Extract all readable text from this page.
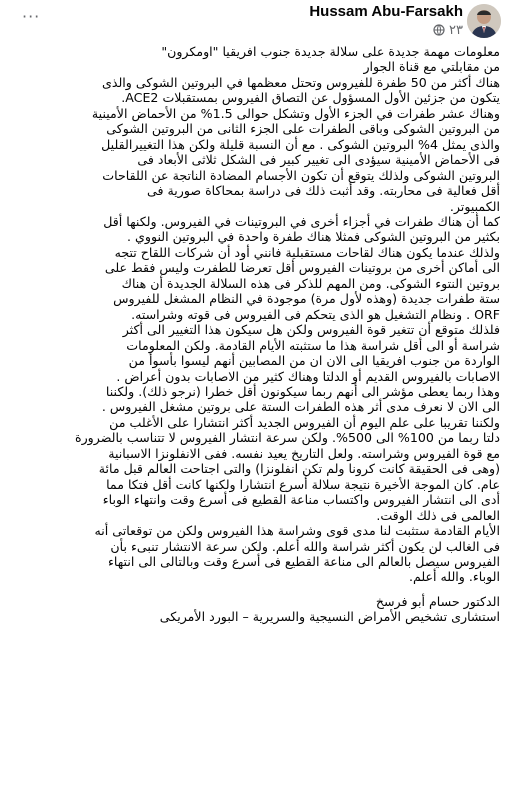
···	Hussam Abu-Farsakh
٢٣

معلومات مهمة جديدة على سلالة جديدة جنوب افريقيا "اومكرون"

من مقابلتي مع قناة الجوار

هناك أكثر من 50 طفرة للفيروس وتحتل معظمها في البروتين الشوكى والذى

يتكون من جزئين الأول المسؤول عن التصاق الفيروس بمستقبلات ACE2.

وهناك عشر طفرات في الجزء الأول وتشكل حوالى 1.5% من الأحماض الأمينية

من البروتين الشوكى وباقى الطفرات على الجزء الثانى من البروتين الشوكى

والذى يمثل 4% البروتين الشوكى . مع أن النسبة قليلة ولكن هذا التغييرالقليل

فى الأحماض الأمينية سيؤدى الى تغيير كبير فى الشكل ثلاثى الأبعاد فى

البروتين الشوكى ولذلك يتوقع أن تكون الأجسام المضادة الناتجة عن اللقاحات

أقل فعالية فى محاربته. وقد أثبت ذلك فى دراسة بمحاكاة صورية فى

الكمبيوتر.

كما أن هناك طفرات في أجزاء أخرى في البروتينات في الفيروس. ولكنها أقل

بكثير من البروتين الشوكى فمثلا هناك طفرة واحدة في البروتين النووي .

ولذلك عندما يكون هناك لقاحات مستقبلية فانني أود أن شركات اللقاح تتجه

الى أماكن أخرى من بروتينات الفيروس أقل تعرضا للطفرت وليس فقط على

بروتين النتوء الشوكى. ومن المهم للذكر فى هذه السلالة الجديدة أن هناك

ستة طفرات جديدة (وهذه لأول مرة) موجودة في النظام المشغل للفيروس

ORF . ونظام التشغيل هو الذى يتحكم فى الفيروس فى قوته وشراسته.

فلذلك متوقع أن تتغير قوة الفيروس ولكن هل سيكون هذا التغيير الى أكثر

شراسة أو الى أقل شراسة هذا ما ستثبته الأيام القادمة. ولكن المعلومات

الواردة من جنوب افريقيا الى الان ان من المصابين أنهم ليسوا بأسوأ من

الاصابات بالفيروس القديم أو الدلتا وهناك كثير من الاصابات بدون أعراض .

وهذا ربما يعطى مؤشر الى أنهم ربما سيكونون أقل خطرا (نرجو ذلك). ولكننا

الى الان لا نعرف مدى أثر هذه الطفرات الستة على بروتين مشغل الفيروس .

ولكننا تقريبا على علم اليوم أن الفيروس الجديد أكثر انتشارا على الأغلب من

دلتا ربما من 100% الى 500%. ولكن سرعة انتشار الفيروس لا تتناسب بالضرورة

مع قوة الفيروس وشراسته. ولعل التاريخ يعيد نفسه. ففى الانفلونزا الاسبانية

(وهى فى الحقيقة كانت كرونا ولم تكن انفلونزا) والتى اجتاحت العالم قبل مائة

عام. كان الموجة الأخيرة نتيجة سلالة أسرع انتشارا ولكنها كانت أقل فتكا مما

أدى الى انتشار الفيروس واكتساب مناعة القطيع فى أسرع وقت وانتهاء الوباء

العالمى فى ذلك الوقت.

الأيام القادمة ستثبت لنا مدى قوى وشراسة هذا الفيروس ولكن من توقعاتى أنه

فى الغالب لن يكون أكثر شراسة والله أعلم. ولكن سرعة الانتشار تنبىء بأن

الفيروس سيصل بالعالم الى مناعة القطيع فى أسرع وقت وبالتالى الى انتهاء

الوباء. والله أعلم.

الدكتور حسام أبو فرسخ

استشارى تشخيص الأمراض النسيجية والسريرية – البورد الأمريكى
